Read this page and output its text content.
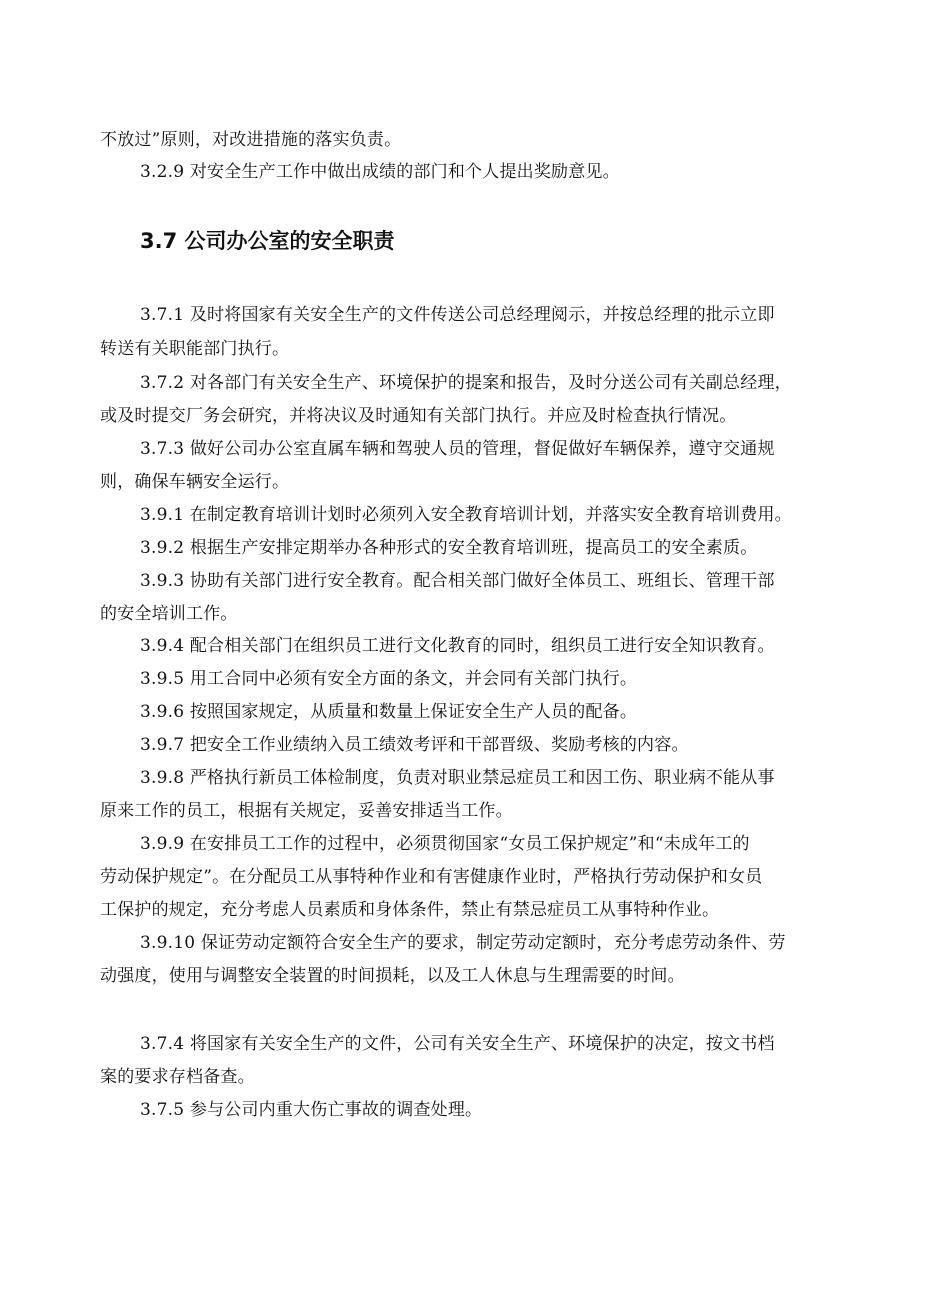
不放过”原则，对改进措施的落实负责。
3.2.9 对安全生产工作中做出成绩的部门和个人提出奖励意见。
3.7 公司办公室的安全职责
3.7.1 及时将国家有关安全生产的文件传送公司总经理阅示，并按总经理的批示立即
转送有关职能部门执行。
3.7.2 对各部门有关安全生产、环境保护的提案和报告，及时分送公司有关副总经理，
或及时提交厂务会研究，并将决议及时通知有关部门执行。并应及时检查执行情况。
3.7.3 做好公司办公室直属车辆和驾驶人员的管理，督促做好车辆保养，遵守交通规
则，确保车辆安全运行。
3.9.1 在制定教育培训计划时必须列入安全教育培训计划，并落实安全教育培训费用。
3.9.2 根据生产安排定期举办各种形式的安全教育培训班，提高员工的安全素质。
3.9.3 协助有关部门进行安全教育。配合相关部门做好全体员工、班组长、管理干部
的安全培训工作。
3.9.4 配合相关部门在组织员工进行文化教育的同时，组织员工进行安全知识教育。
3.9.5 用工合同中必须有安全方面的条文，并会同有关部门执行。
3.9.6 按照国家规定，从质量和数量上保证安全生产人员的配备。
3.9.7 把安全工作业绩纳入员工绩效考评和干部晋级、奖励考核的内容。
3.9.8 严格执行新员工体检制度，负责对职业禁忌症员工和因工伤、职业病不能从事
原来工作的员工，根据有关规定，妥善安排适当工作。
3.9.9 在安排员工工作的过程中，必须贯彻国家“女员工保护规定”和“未成年工的
劳动保护规定”。在分配员工从事特种作业和有害健康作业时，严格执行劳动保护和女员
工保护的规定，充分考虑人员素质和身体条件，禁止有禁忌症员工从事特种作业。
3.9.10 保证劳动定额符合安全生产的要求，制定劳动定额时，充分考虑劳动条件、劳
动强度，使用与调整安全装置的时间损耗，以及工人休息与生理需要的时间。
3.7.4 将国家有关安全生产的文件，公司有关安全生产、环境保护的决定，按文书档
案的要求存档备查。
3.7.5 参与公司内重大伤亡事故的调查处理。
